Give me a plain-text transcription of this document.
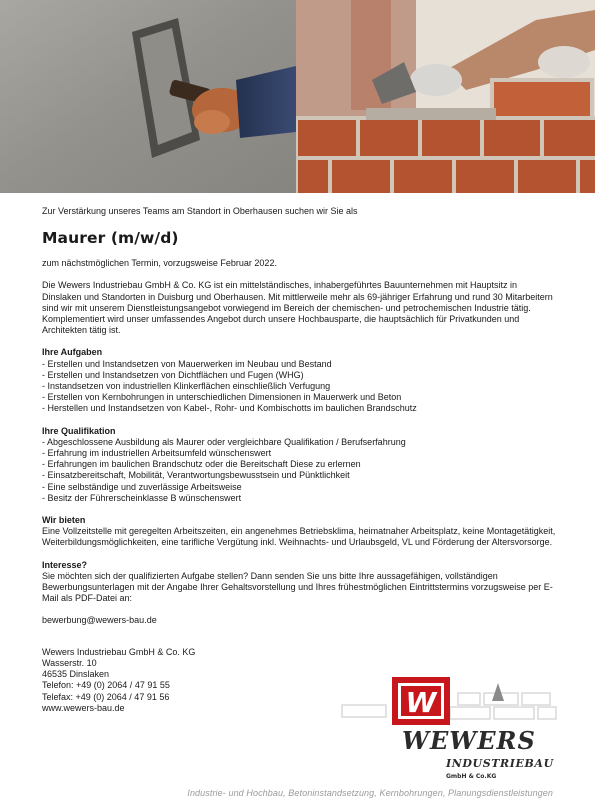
Zur Verstärkung unseres Teams am Standort in Oberhausen suchen wir Sie als
Maurer (m/w/d)

zum nächstmöglichen Termin, vorzugsweise Februar 2022.

Die Wewers Industriebau GmbH & Co. KG ist ein mittelständisches, inhabergeführtes Bauunternehmen mit Hauptsitz in Dinslaken und Standorten in Duisburg und Oberhausen. Mit mittlerweile mehr als 69-jähriger Erfahrung und rund 30 Mitarbeitern sind wir mit unserem Dienstleistungsangebot vorwiegend im Bereich der chemischen- und petrochemischen Industrie tätig. Komplementiert wird unser umfassendes Angebot durch unsere Hochbausparte, die hauptsächlich für Privatkunden und Architekten tätig ist.

Ihre Aufgaben
- Erstellen und Instandsetzen von Mauerwerken im Neubau und Bestand
- Erstellen und Instandsetzen von Dichtflächen und Fugen (WHG)
- Instandsetzen von industriellen Klinkerflächen einschließlich Verfugung
- Erstellen von Kernbohrungen in unterschiedlichen Dimensionen in Mauerwerk und Beton
- Herstellen und Instandsetzen von Kabel-, Rohr- und Kombischotts im baulichen Brandschutz
Ihre Qualifikation
- Abgeschlossene Ausbildung als Maurer oder vergleichbare Qualifikation / Berufserfahrung
- Erfahrung im industriellen Arbeitsumfeld wünschenswert
- Erfahrungen im baulichen Brandschutz oder die Bereitschaft Diese zu erlernen
- Einsatzbereitschaft, Mobilität, Verantwortungsbewusstsein und Pünktlichkeit
- Eine selbständige und zuverlässige Arbeitsweise
- Besitz der Führerscheinklasse B wünschenswert
Wir bieten
Eine Vollzeitstelle mit geregelten Arbeitszeiten, ein angenehmes Betriebsklima, heimatnaher Arbeitsplatz, keine Montagetätigkeit, Weiterbildungsmöglichkeiten, eine tarifliche Vergütung inkl. Weihnachts- und Urlaubsgeld, VL und Förderung der Altersvorsorge.
Interesse?
Sie möchten sich der qualifizierten Aufgabe stellen? Dann senden Sie uns bitte Ihre aussagefähigen, vollständigen Bewerbungsunterlagen mit der Angabe Ihrer Gehaltsvorstellung und Ihres frühestmöglichen Eintrittstermins vorzugsweise per E-Mail als PDF-Datei an:

bewerbung@wewers-bau.de

Wewers Industriebau GmbH & Co. KG
Wasserstr. 10
46535 Dinslaken
Telefon: +49 (0) 2064 / 47 91 55
Telefax: +49 (0) 2064 / 47 91 56
www.wewers-bau.de	W
WEWERS
INDUSTRIEBAU
GmbH & Co.KG
Industrie- und Hochbau, Betoninstandsetzung, Kernbohrungen, Planungsdienstleistungen
